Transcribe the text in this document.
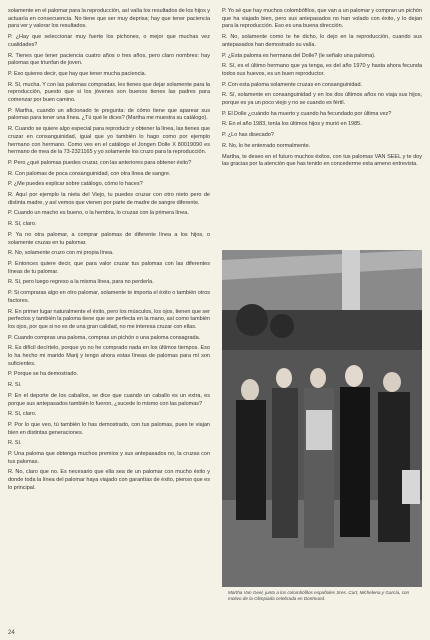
solamente en el palomar para la reproducción, así valía los resultados de los hijos y actuaría en consecuencia. No tiene que ser muy deprisa; hay que tener paciencia para ver y valorar los resultados.

P. ¿Hay que seleccionar muy fuerte los pichones, o mejor que muchas vez cualidades?

R. Tienes que tener paciencia cuatro años o tres años, pero claro nombres: hay palomas que triunfan de joven.

P. Eso quieres decir, que hay que tener mucha paciencia.

R. Sí, mucha. Y con las palomas compradas, les tienes que dejar solamente para la reproducción, puesto que si los jóvenes son buenos tienes las padres para comenzar por buen camino.

P. Martha, cuando un aficionado te pregunta: de cómo tiene que aparear sus palomas para tener una línea. ¿Tú qué le dices? (Martha me muestra su catálogo).

R. Cuando se quiere algo especial para reproducir y obtener la línea, las tienes que cruzar en consanguinidad, igual que yo también lo hago como por ejemplo hermano con hermano. Como ves en el catálogo el Jongen Dolle X 80019090 es hermano de mea de la 73-2321165 y yo solamente los cruzo para la reproducción.

P. Pero ¿qué palomas puedes cruzar, con las anteriores para obtener éxito?

R. Con palomas de poca consanguinidad, con otra línea de sangre.

P. ¿Me puedes explicar sobre catálogo, cómo lo haces?

R. Aquí por ejemplo la nieta del Viejo, tu puedes cruzar con otro nieto pero de distinta madre, y así vemos que vienen por parte de madre de sangre diferente.

P. Cuando un macho es bueno, o la hembra, lo cruzas con la primera línea.

R. Sí, claro.

P. Ya no otra palomar, a comprar palomas de diferente línea a los hijos, o solamente cruzas en tu palomar.

R. No, solamente cruzo con mi propia línea.

P. Entonces quiere decir, que para valor cruzar tus palomas con las diferentes líneas de tu palomar.

R. Sí, pero luego regreso a la misma línea, para no perderla.

P. Si compraras algo en otro palomar, solamente te importa el éxito o también otros factores.

R. En primer lugar naturalmente el éxito, pero los músculos, los ojos, tienen que ser perfectos y también la paloma tiene que ser perfecta en la mano, así como también los ojos, por que si no es de una gran calidad, no me interesa cruzar con ellas.

P. Cuando compras una paloma, compras un pichón o una paloma consagrada.

R. Es difícil decírtelo, porque yo no he comprado nada en los últimos tiempos. Eso lo ha hecho mi marido Marij y tengo ahora estas líneas de palomas para mí son suficientes.

P. Porque se ha demostrado.

R. Sí.

P. En el deporte de los caballos, se dice que cuando un caballo es un extra, es porque sus antepasados también lo fueron, ¿sucede lo mismo con las palomas?

R. Sí, claro.

P. Por lo que veo, tú también lo has demostrado, con tus palomas, pues te viajan bien en distintas generaciones.

R. Sí.

P. Una paloma que obtenga muchos premios y sus antepasados no, la cruzas con tus palomas.

R. No, claro que no. Es necesario que ella sea de un palomar con mucho éxito y donde toda la línea del palomar haya viajado con garantías de éxito, pienso que es lo principal.

P. Yo sé que hay muchos colombófilos, que van a un palomar y compran un pichón que ha viajado bien, pero sus antepasados no han volado con éxito, y lo dejan para la reproducción. Eso es una buena dirección.

R. No, solamente como te he dicho, lo dejo en la reproducción, cuando sus antepasados han demostrado su valía.

P. ¿Esta paloma es hermana del Dolle? (le señalo una paloma).

R. Sí, es el último hermano que ya tenga, es del año 1970 y hasta ahora fecunda todos sus huevos, es un buen reproductor.

P. Con esta paloma solamente cruzas en consanguinidad.

R. Sí, solamente en consanguinidad y en los dos últimos años no viaja sus hijos, porque es ya un poco viejo y no se cuando es fértil.

P. El Dolle ¿cuándo ha muerto y cuando ha fecundado por última vez?

R. En el año 1983, tenía los últimos hijos y murió en 1985.

P. ¿Lo has disecado?

R. No, lo he enterrado normalmente.

Martha, te deseo en el futuro muchos éxitos, con tus palomas VAN SEEL y te doy las gracias por la atención que has tenido en concederme esta ameno entrevista.

Martha Van Geel, junto a los colombófilos españoles Sres. Curt, Michelena y García, con motivo de la Olimpiada celebrada en Dortmund.
24
